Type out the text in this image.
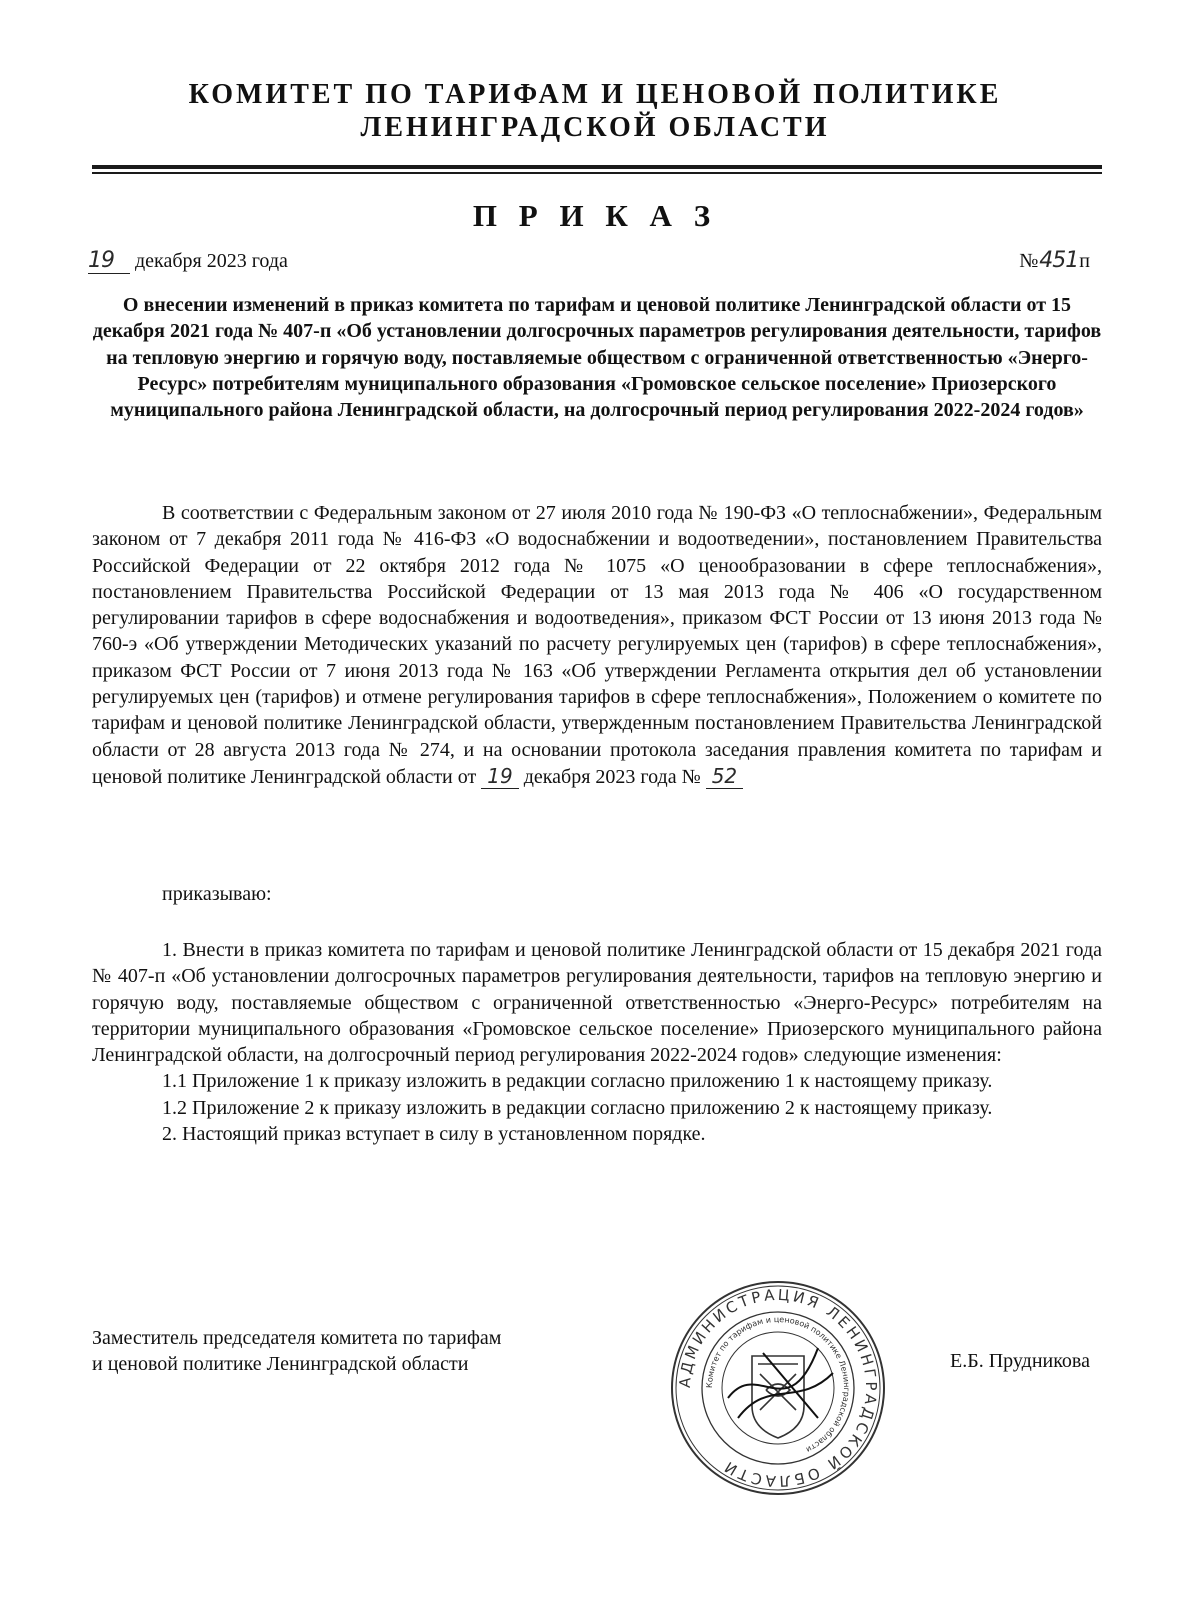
КОМИТЕТ ПО ТАРИФАМ И ЦЕНОВОЙ ПОЛИТИКЕ
ЛЕНИНГРАДСКОЙ ОБЛАСТИ
П Р И К А З
19	декабря 2023 года	№ 451 п
О внесении изменений в приказ комитета по тарифам и ценовой политике Ленинградской области от 15 декабря 2021 года № 407-п «Об установлении долгосрочных параметров регулирования деятельности, тарифов на тепловую энергию и горячую воду, поставляемые обществом с ограниченной ответственностью «Энерго-Ресурс» потребителям муниципального образования «Громовское сельское поселение» Приозерского муниципального района Ленинградской области, на долгосрочный период регулирования 2022-2024 годов»

В соответствии с Федеральным законом от 27 июля 2010 года № 190-ФЗ «О теплоснабжении», Федеральным законом от 7 декабря 2011 года № 416-ФЗ «О водоснабжении и водоотведении», постановлением Правительства Российской Федерации от 22 октября 2012 года № 1075 «О ценообразовании в сфере теплоснабжения», постановлением Правительства Российской Федерации от 13 мая 2013 года № 406 «О государственном регулировании тарифов в сфере водоснабжения и водоотведения», приказом ФСТ России от 13 июня 2013 года № 760-э «Об утверждении Методических указаний по расчету регулируемых цен (тарифов) в сфере теплоснабжения», приказом ФСТ России от 7 июня 2013 года № 163 «Об утверждении Регламента открытия дел об установлении регулируемых цен (тарифов) и отмене регулирования тарифов в сфере теплоснабжения», Положением о комитете по тарифам и ценовой политике Ленинградской области, утвержденным постановлением Правительства Ленинградской области от 28 августа 2013 года № 274, и на основании протокола заседания правления комитета по тарифам и ценовой политике Ленинградской области от 19 декабря 2023 года № 52

приказываю:

1. Внести в приказ комитета по тарифам и ценовой политике Ленинградской области от 15 декабря 2021 года № 407-п «Об установлении долгосрочных параметров регулирования деятельности, тарифов на тепловую энергию и горячую воду, поставляемые обществом с ограниченной ответственностью «Энерго-Ресурс» потребителям на территории муниципального образования «Громовское сельское поселение» Приозерского муниципального района Ленинградской области, на долгосрочный период регулирования 2022-2024 годов» следующие изменения:

1.1 Приложение 1 к приказу изложить в редакции согласно приложению 1 к настоящему приказу.

1.2 Приложение 2 к приказу изложить в редакции согласно приложению 2 к настоящему приказу.

2. Настоящий приказ вступает в силу в установленном порядке.

Заместитель председателя комитета по тарифам
и ценовой политике Ленинградской области
АДМИНИСТРАЦИЯ ЛЕНИНГРАДСКОЙ ОБЛАСТИ
Комитет по тарифам и ценовой политике Ленинградской области
Е.Б. Прудникова
